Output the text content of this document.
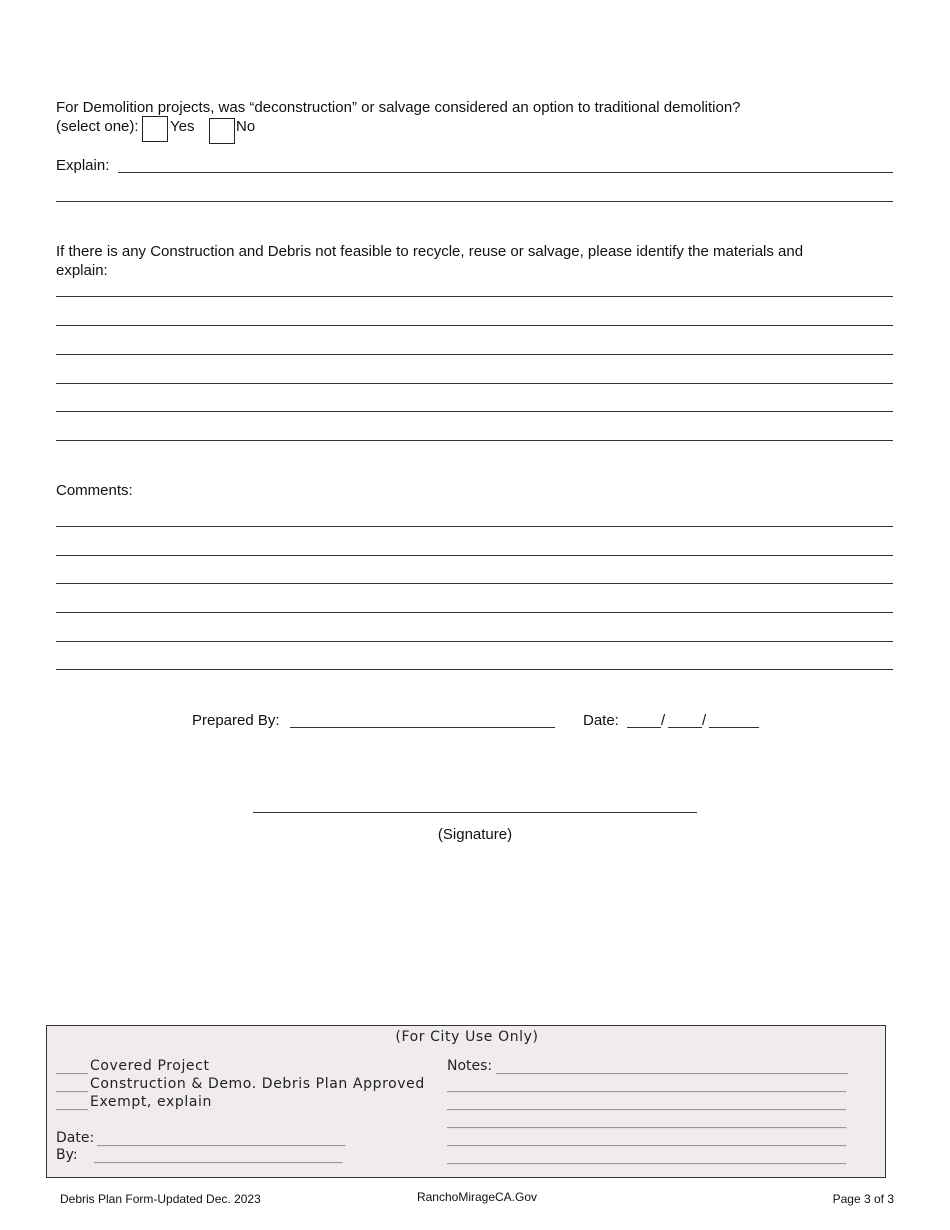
For Demolition projects, was “deconstruction” or salvage considered an option to traditional demolition?
(select one): Yes	No
Explain:
If there is any Construction and Debris not feasible to recycle, reuse or salvage, please identify the materials and
explain:
Comments:
Prepared By:	Date:	/ /
(Signature)
(For City Use Only)
____ Covered Project
____ Construction & Demo. Debris Plan Approved
____ Exempt, explain
Date: _______________________________
By: _______________________________
Notes: _____________________________________________
___________________________________________________
___________________________________________________
___________________________________________________
___________________________________________________
___________________________________________________
Debris Plan Form-Updated Dec. 2023	RanchoMirageCA.Gov	Page 3 of 3
